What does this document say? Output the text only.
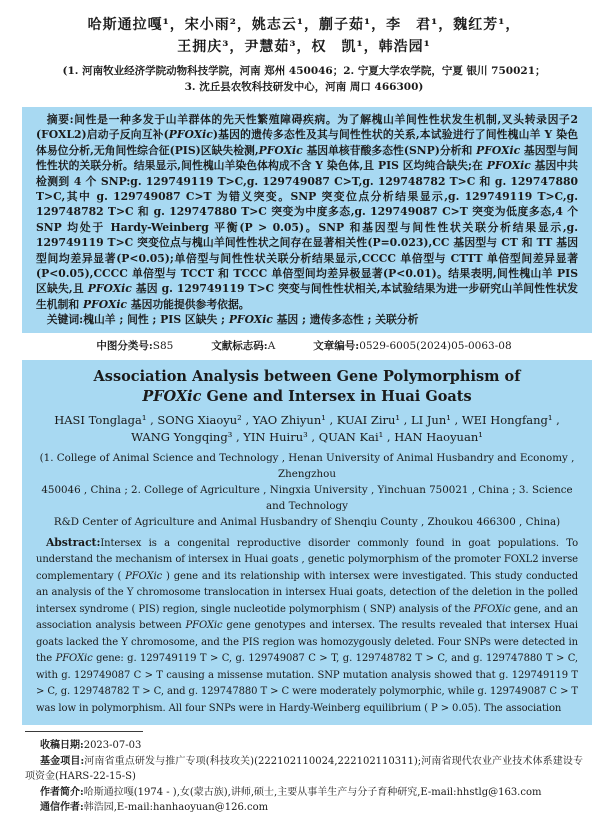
哈斯通拉嘎¹，宋小雨²，姚志云¹，蒯子茹¹，李　君¹，魏红芳¹，
王拥庆³，尹慧茹³，权　凯¹，韩浩园¹
(1. 河南牧业经济学院动物科技学院，河南 郑州 450046；2. 宁夏大学农学院，宁夏 银川 750021；
3. 沈丘县农牧科技研发中心，河南 周口 466300)

摘要:间性是一种多发于山羊群体的先天性繁殖障碍疾病。为了解槐山羊间性性状发生机制,叉头转录因子2 (FOXL2)启动子反向互补(PFOXic)基因的遗传多态性及其与间性性状的关系,本试验进行了间性槐山羊 Y 染色体易位分析,无角间性综合征(PIS)区缺失检测,PFOXic 基因单核苷酸多态性(SNP)分析和 PFOXic 基因型与间性性状的关联分析。结果显示,间性槐山羊染色体构成不含 Y 染色体,且 PIS 区均纯合缺失;在 PFOXic 基因中共检测到 4 个 SNP:g. 129749119 T>C,g. 129749087 C>T,g. 129748782 T>C 和 g. 129747880 T>C,其中 g. 129749087 C>T 为错义突变。SNP 突变位点分析结果显示,g. 129749119 T>C,g. 129748782 T>C 和 g. 129747880 T>C 突变为中度多态,g. 129749087 C>T 突变为低度多态,4 个 SNP 均处于 Hardy-Weinberg 平衡(P > 0.05)。SNP 和基因型与间性性状关联分析结果显示,g. 129749119 T>C 突变位点与槐山羊间性性状之间存在显著相关性(P=0.023),CC 基因型与 CT 和 TT 基因型间均差异显著(P<0.05);单倍型与间性性状关联分析结果显示,CCCC 单倍型与 CTTT 单倍型间差异显著(P<0.05),CCCC 单倍型与 TCCT 和 TCCC 单倍型间均差异极显著(P<0.01)。结果表明,间性槐山羊 PIS 区缺失,且 PFOXic 基因 g. 129749119 T>C 突变与间性性状相关,本试验结果为进一步研究山羊间性性状发生机制和 PFOXic 基因功能提供参考依据。

关键词:槐山羊 ; 间性 ; PIS 区缺失 ; PFOXic 基因 ; 遗传多态性 ; 关联分析

中图分类号:S85	文献标志码:A	文章编号:0529-6005(2024)05-0063-08
Association Analysis between Gene Polymorphism of
PFOXic Gene and Intersex in Huai Goats
HASI Tonglaga¹ , SONG Xiaoyu² , YAO Zhiyun¹ , KUAI Ziru¹ , LI Jun¹ , WEI Hongfang¹ ,
WANG Yongqing³ , YIN Huiru³ , QUAN Kai¹ , HAN Haoyuan¹
(1. College of Animal Science and Technology , Henan University of Animal Husbandry and Economy , Zhengzhou
450046 , China ; 2. College of Agriculture , Ningxia University , Yinchuan 750021 , China ; 3. Science and Technology
R&D Center of Agriculture and Animal Husbandry of Shenqiu County , Zhoukou 466300 , China)

Abstract:Intersex is a congenital reproductive disorder commonly found in goat populations. To understand the mechanism of intersex in Huai goats , genetic polymorphism of the promoter FOXL2 inverse complementary ( PFOXic ) gene and its relationship with intersex were investigated. This study conducted an analysis of the Y chromosome translocation in intersex Huai goats, detection of the deletion in the polled intersex syndrome ( PIS) region, single nucleotide polymorphism ( SNP) analysis of the PFOXic gene, and an association analysis between PFOXic gene genotypes and intersex. The results revealed that intersex Huai goats lacked the Y chromosome, and the PIS region was homozygously deleted. Four SNPs were detected in the PFOXic gene: g. 129749119 T > C, g. 129749087 C > T, g. 129748782 T > C, and g. 129747880 T > C, with g. 129749087 C > T causing a missense mutation. SNP mutation analysis showed that g. 129749119 T > C, g. 129748782 T > C, and g. 129747880 T > C were moderately polymorphic, while g. 129749087 C > T was low in polymorphism. All four SNPs were in Hardy-Weinberg equilibrium ( P > 0.05). The association

收稿日期:2023-07-03

基金项目:河南省重点研发与推广专项(科技攻关)(222102110024,222102110311);河南省现代农业产业技术体系建设专项资金(HARS-22-15-S)

作者简介:哈斯通拉嘎(1974 - ),女(蒙古族),讲师,硕士,主要从事羊生产与分子育种研究,E-mail:hhstlg@163.com

通信作者:韩浩园,E-mail:hanhaoyuan@126.com
